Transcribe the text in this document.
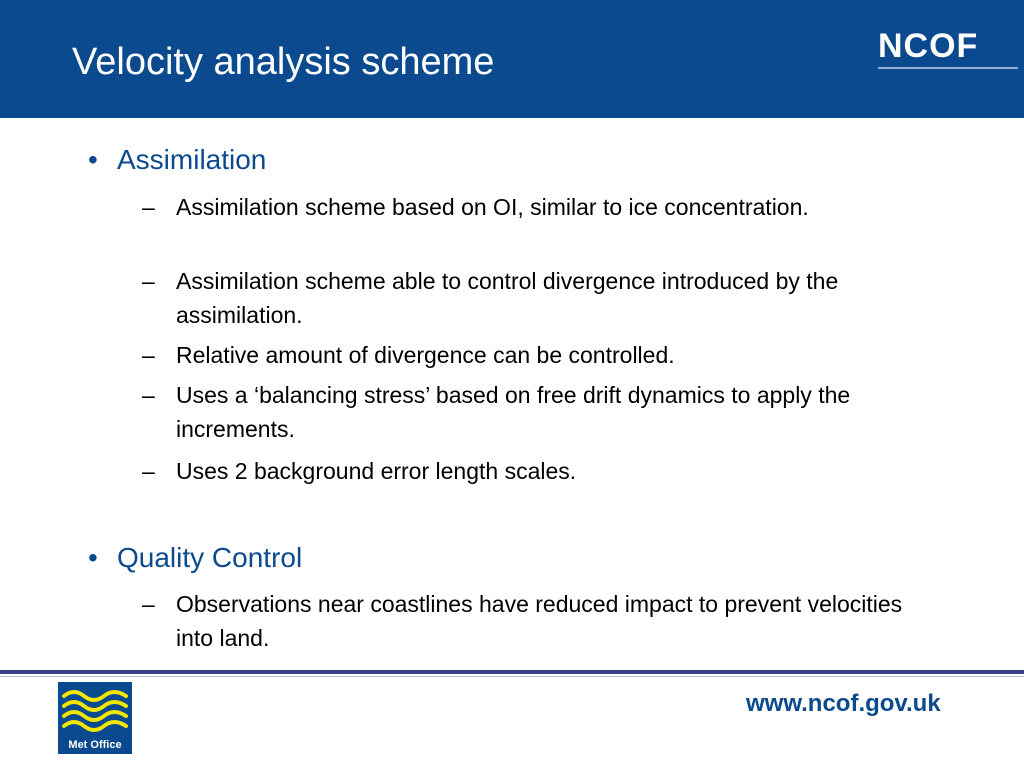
Velocity analysis scheme	NCOF
• Assimilation
– Assimilation scheme based on OI, similar to ice concentration.
– Assimilation scheme able to control divergence introduced by the assimilation.
– Relative amount of divergence can be controlled.
– Uses a ‘balancing stress’ based on free drift dynamics to apply the increments.
– Uses 2 background error length scales.
• Quality Control
– Observations near coastlines have reduced impact to prevent velocities into land.
Met Office
www.ncof.gov.uk
